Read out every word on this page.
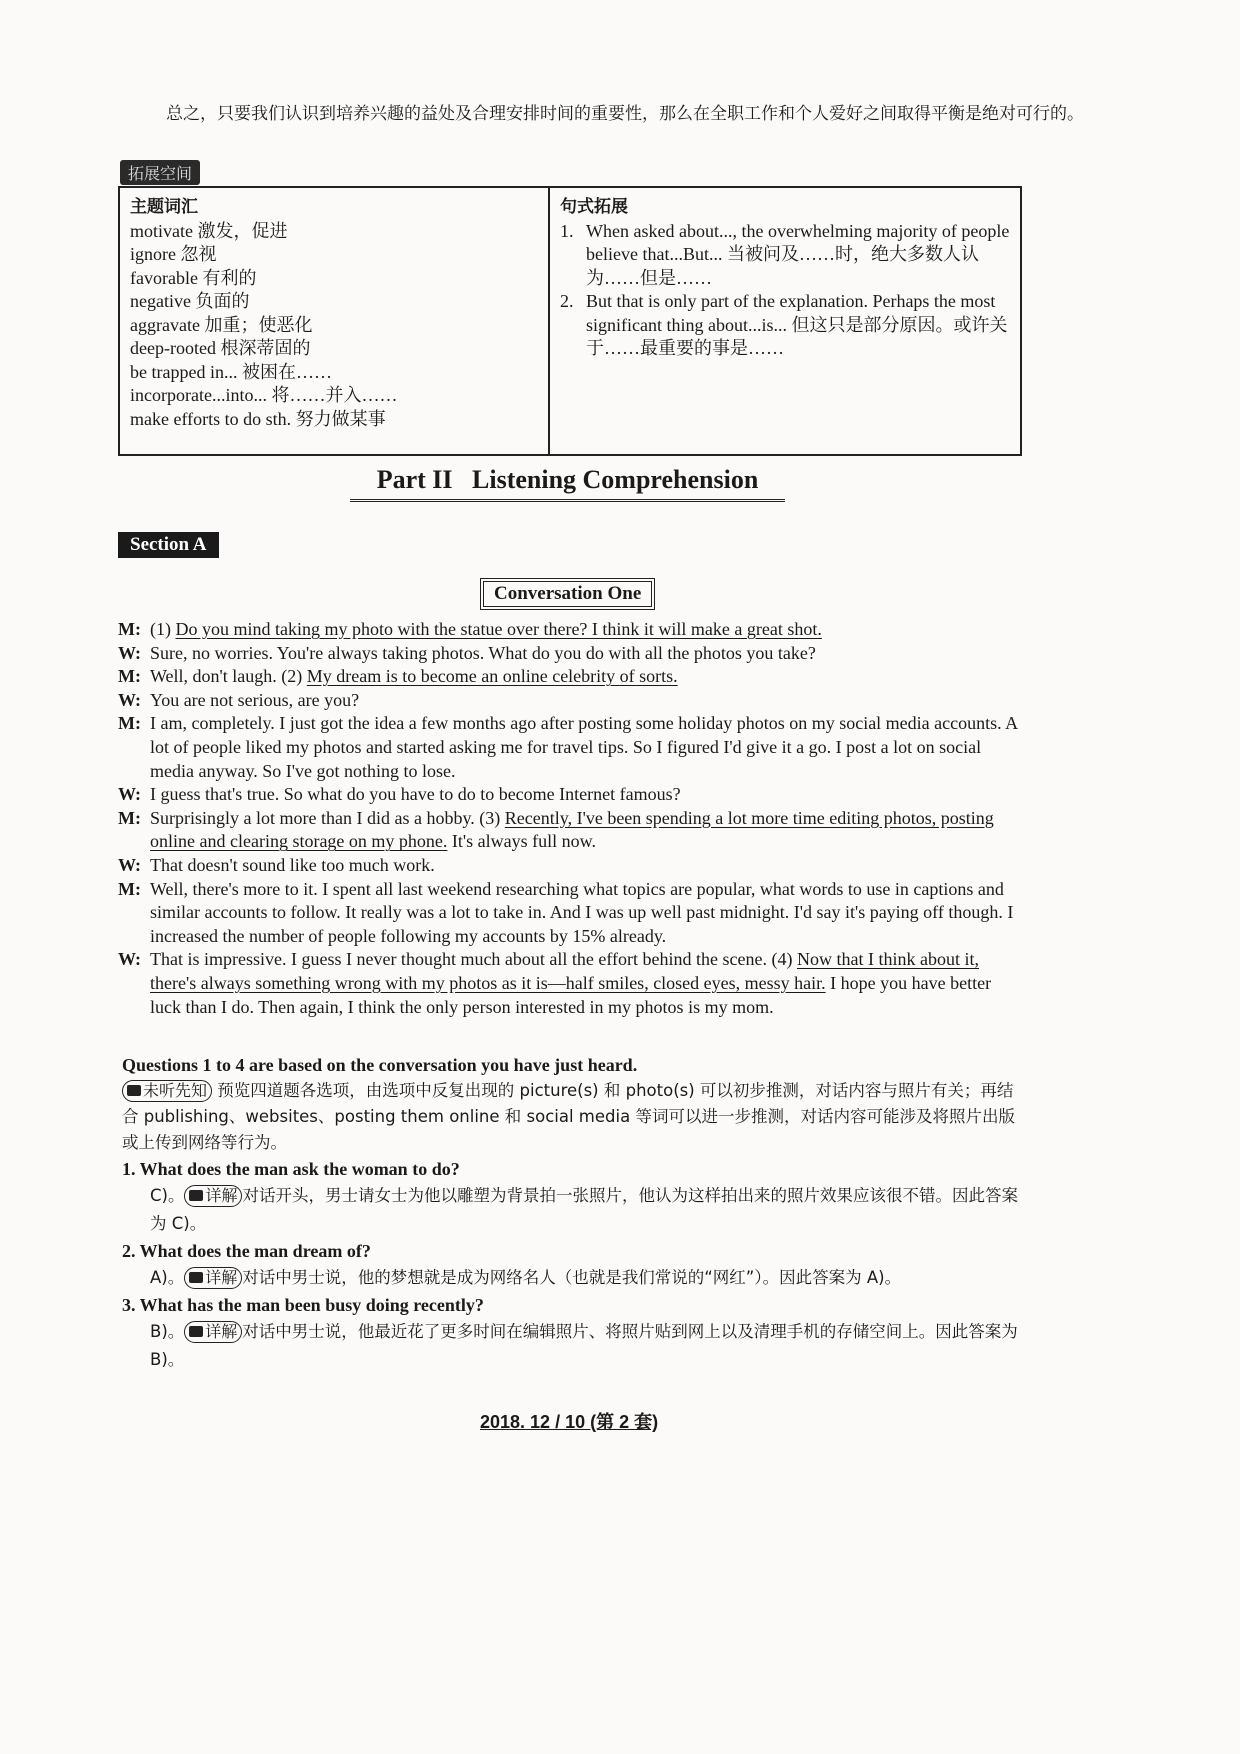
总之，只要我们认识到培养兴趣的益处及合理安排时间的重要性，那么在全职工作和个人爱好之间取得平衡是绝对可行的。
拓展空间
主题词汇
motivate 激发，促进
ignore 忽视
favorable 有利的
negative 负面的
aggravate 加重；使恶化
deep-rooted 根深蒂固的
be trapped in... 被困在……
incorporate...into... 将……并入……
make efforts to do sth. 努力做某事
句式拓展
1. When asked about..., the overwhelming majority of people believe that...But... 当被问及……时，绝大多数人认为……但是……
2. But that is only part of the explanation. Perhaps the most significant thing about...is... 但这只是部分原因。或许关于……最重要的事是……
Part II   Listening Comprehension
Section A
Conversation One
M: (1) Do you mind taking my photo with the statue over there? I think it will make a great shot.
W: Sure, no worries. You're always taking photos. What do you do with all the photos you take?
M: Well, don't laugh. (2) My dream is to become an online celebrity of sorts.
W: You are not serious, are you?
M: I am, completely. I just got the idea a few months ago after posting some holiday photos on my social media accounts. A lot of people liked my photos and started asking me for travel tips. So I figured I'd give it a go. I post a lot on social media anyway. So I've got nothing to lose.
W: I guess that's true. So what do you have to do to become Internet famous?
M: Surprisingly a lot more than I did as a hobby. (3) Recently, I've been spending a lot more time editing photos, posting online and clearing storage on my phone. It's always full now.
W: That doesn't sound like too much work.
M: Well, there's more to it. I spent all last weekend researching what topics are popular, what words to use in captions and similar accounts to follow. It really was a lot to take in. And I was up well past midnight. I'd say it's paying off though. I increased the number of people following my accounts by 15% already.
W: That is impressive. I guess I never thought much about all the effort behind the scene. (4) Now that I think about it, there's always something wrong with my photos as it is—half smiles, closed eyes, messy hair. I hope you have better luck than I do. Then again, I think the only person interested in my photos is my mom.
Questions 1 to 4 are based on the conversation you have just heard.
未听先知 预览四道题各选项，由选项中反复出现的 picture(s) 和 photo(s) 可以初步推测，对话内容与照片有关；再结合 publishing、websites、posting them online 和 social media 等词可以进一步推测，对话内容可能涉及将照片出版或上传到网络等行为。
1. What does the man ask the woman to do?
C)。 详解 对话开头，男士请女士为他以雕塑为背景拍一张照片，他认为这样拍出来的照片效果应该很不错。因此答案为 C)。
2. What does the man dream of?
A)。 详解 对话中男士说，他的梦想就是成为网络名人（也就是我们常说的“网红”）。因此答案为 A)。
3. What has the man been busy doing recently?
B)。 详解 对话中男士说，他最近花了更多时间在编辑照片、将照片贴到网上以及清理手机的存储空间上。因此答案为 B)。
2018. 12 / 10 (第 2 套)
